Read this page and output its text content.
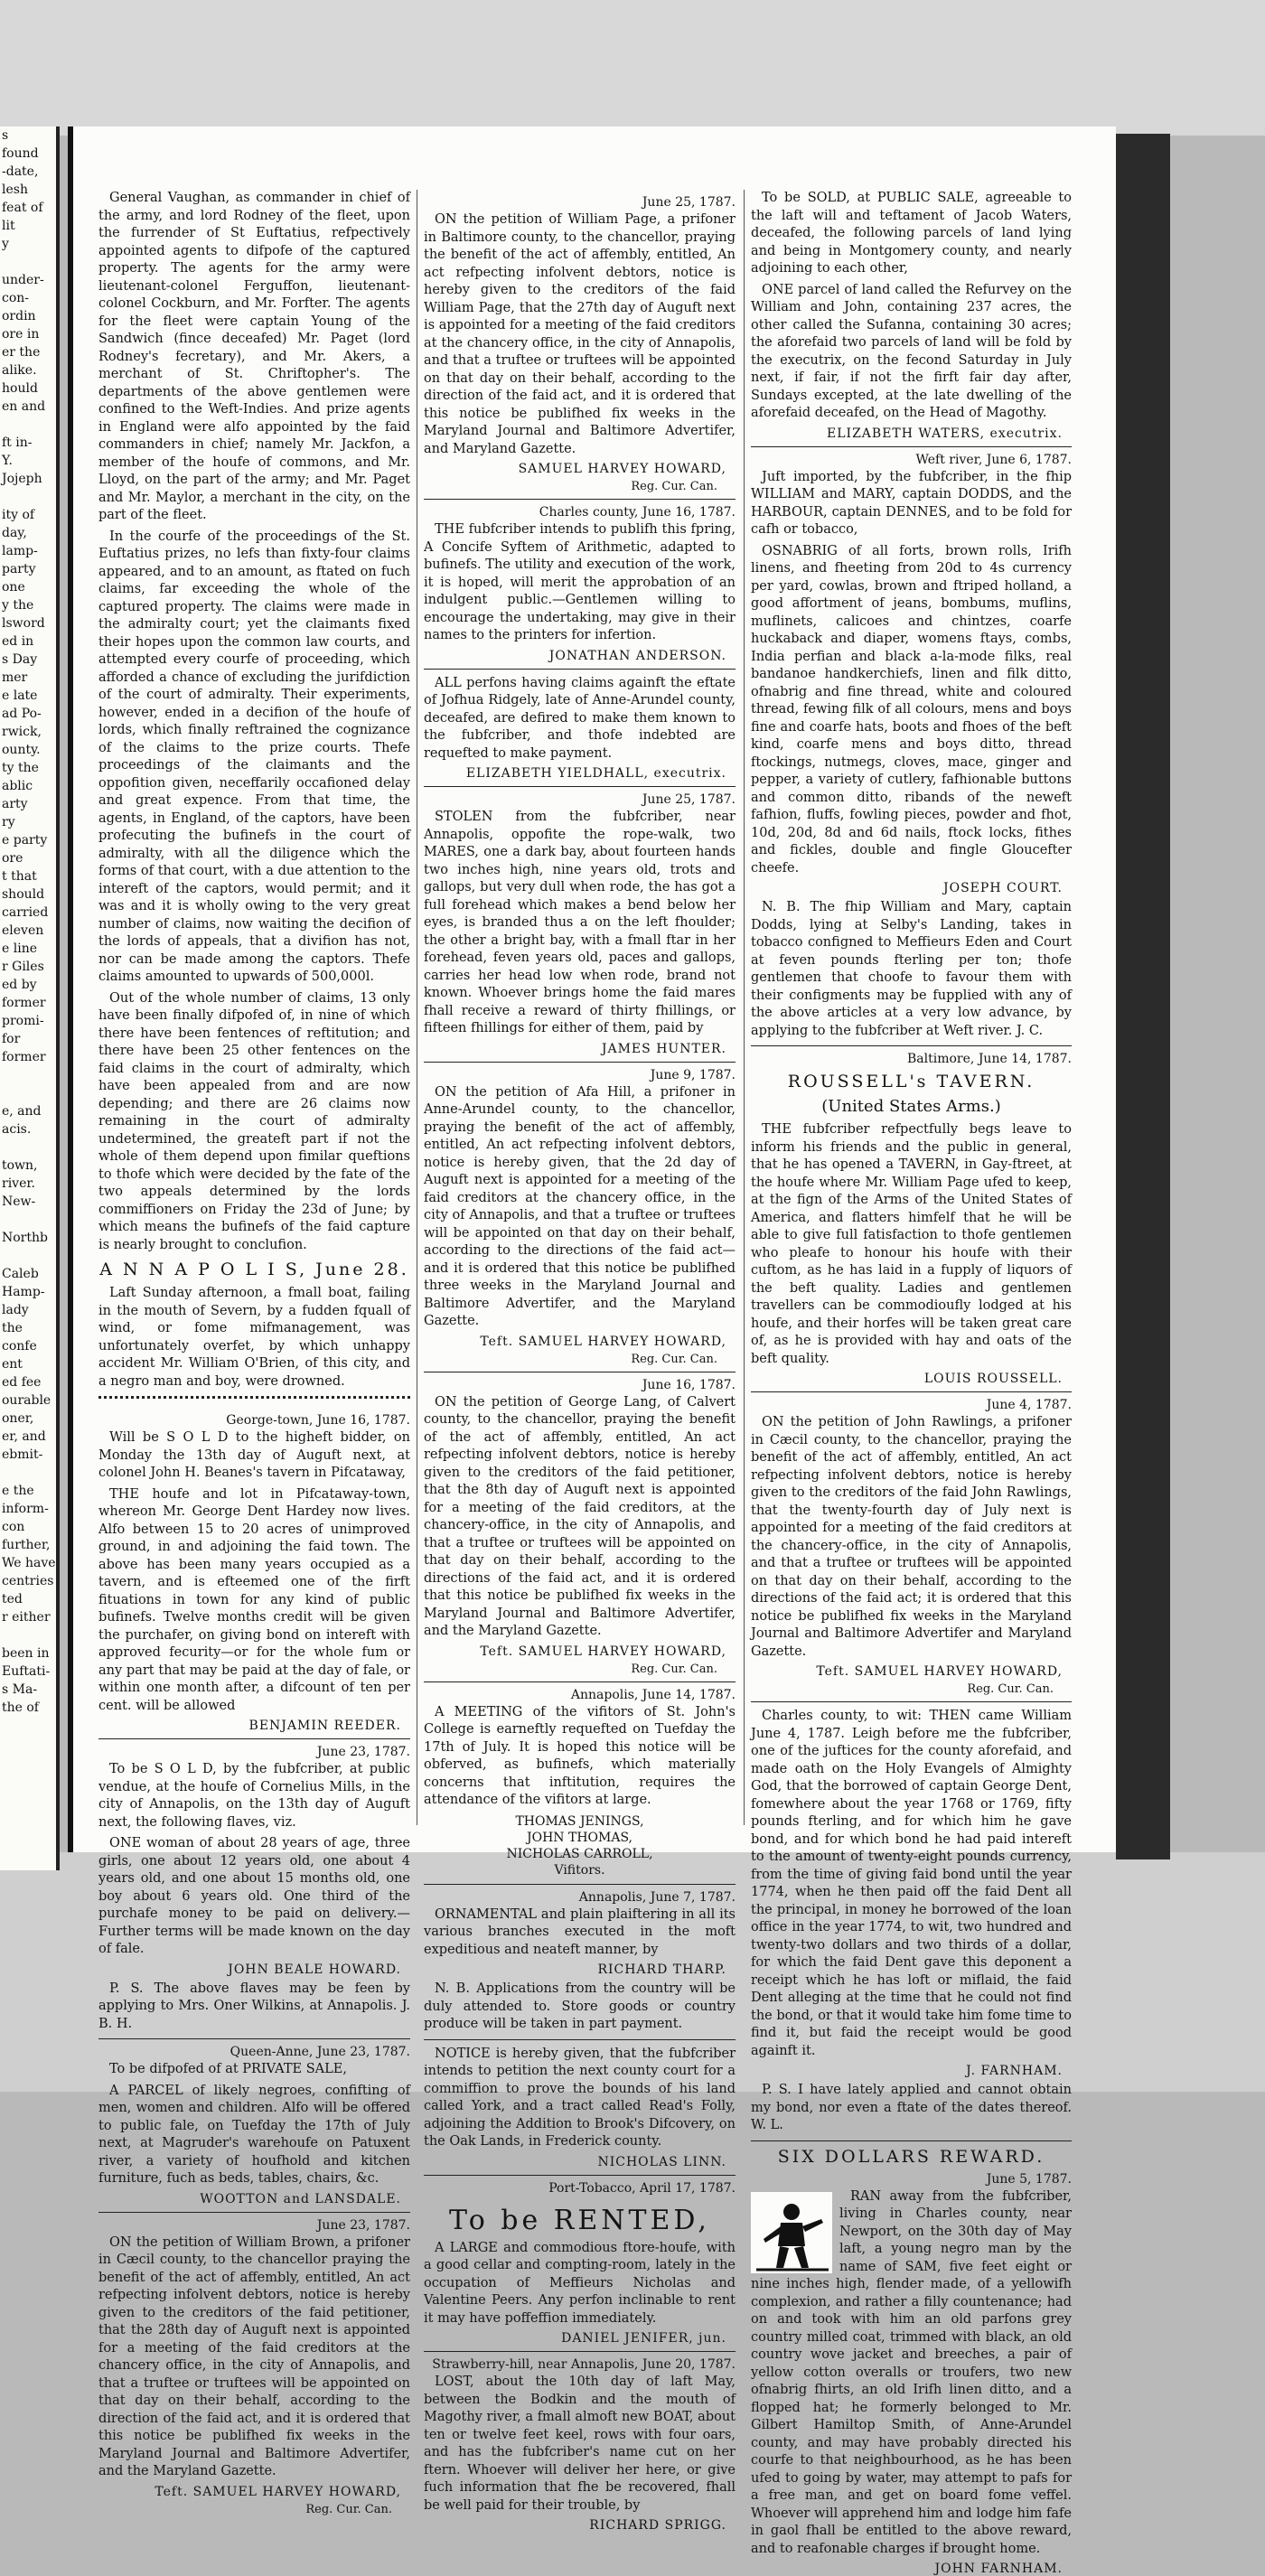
s
found
-date,
lesh
feat of
lit
y

under-
con-
ordin
ore in
er the
alike.
hould
en and

ft in-
Y.
Jojeph

ity of
day,
lamp-
party
one
y the
lsword
ed in
s Day
mer
e late
ad Po-
rwick,
ounty.
ty the
ablic
arty
ry
e party
ore
t that
should
carried
eleven
e line
r Giles
ed by
former
promi-
for
former

e, and
acis.

town,
river.
New-

Northb

Caleb
Hamp-
lady
the
confe
ent
ed fee
ourable
oner,
er, and
ebmit-

e the
inform-
con
further,
We have
centries
ted
r either

been in
Euftati-
s Ma-
the of

General Vaughan, as commander in chief of the army, and lord Rodney of the fleet, upon the furrender of St Euftatius, refpectively appointed agents to difpofe of the captured property. The agents for the army were lieutenant-colonel Ferguffon, lieutenant-colonel Cockburn, and Mr. Forfter. The agents for the fleet were captain Young of the Sandwich (fince deceafed) Mr. Paget (lord Rodney's fecretary), and Mr. Akers, a merchant of St. Chriftopher's. The departments of the above gentlemen were confined to the Weft-Indies. And prize agents in England were alfo appointed by the faid commanders in chief; namely Mr. Jackfon, a member of the houfe of commons, and Mr. Lloyd, on the part of the army; and Mr. Paget and Mr. Maylor, a merchant in the city, on the part of the fleet.

In the courfe of the proceedings of the St. Euftatius prizes, no lefs than fixty-four claims appeared, and to an amount, as ftated on fuch claims, far exceeding the whole of the captured property. The claims were made in the admiralty court; yet the claimants fixed their hopes upon the common law courts, and attempted every courfe of proceeding, which afforded a chance of excluding the jurifdiction of the court of admiralty. Their experiments, however, ended in a decifion of the houfe of lords, which finally reftrained the cognizance of the claims to the prize courts. Thefe proceedings of the claimants and the oppofition given, neceffarily occafioned delay and great expence. From that time, the agents, in England, of the captors, have been profecuting the bufinefs in the court of admiralty, with all the diligence which the forms of that court, with a due attention to the intereft of the captors, would permit; and it was and it is wholly owing to the very great number of claims, now waiting the decifion of the lords of appeals, that a divifion has not, nor can be made among the captors. Thefe claims amounted to upwards of 500,000l.

Out of the whole number of claims, 13 only have been finally difpofed of, in nine of which there have been fentences of reftitution; and there have been 25 other fentences on the faid claims in the court of admiralty, which have been appealed from and are now depending; and there are 26 claims now remaining in the court of admiralty undetermined, the greateft part if not the whole of them depend upon fimilar queftions to thofe which were decided by the fate of the two appeals determined by the lords commiffioners on Friday the 23d of June; by which means the bufinefs of the faid capture is nearly brought to conclufion.

A N N A P O L I S, June 28.

Laft Sunday afternoon, a fmall boat, failing in the mouth of Severn, by a fudden fquall of wind, or fome mifmanagement, was unfortunately overfet, by which unhappy accident Mr. William O'Brien, of this city, and a negro man and boy, were drowned.

George-town, June 16, 1787.

Will be S O L D to the higheft bidder, on Monday the 13th day of Auguft next, at colonel John H. Beanes's tavern in Pifcataway,

THE houfe and lot in Pifcataway-town, whereon Mr. George Dent Hardey now lives. Alfo between 15 to 20 acres of unimproved ground, in and adjoining the faid town. The above has been many years occupied as a tavern, and is efteemed one of the firft fituations in town for any kind of public bufinefs. Twelve months credit will be given the purchafer, on giving bond on intereft with approved fecurity—or for the whole fum or any part that may be paid at the day of fale, or within one month after, a difcount of ten per cent. will be allowed

BENJAMIN REEDER.
June 23, 1787.

To be S O L D, by the fubfcriber, at public vendue, at the houfe of Cornelius Mills, in the city of Annapolis, on the 13th day of Auguft next, the following flaves, viz.

ONE woman of about 28 years of age, three girls, one about 12 years old, one about 4 years old, and one about 15 months old, one boy about 6 years old. One third of the purchafe money to be paid on delivery.—Further terms will be made known on the day of fale.

JOHN BEALE HOWARD.

P. S. The above flaves may be feen by applying to Mrs. Oner Wilkins, at Annapolis. J. B. H.

Queen-Anne, June 23, 1787.

To be difpofed of at PRIVATE SALE,

A PARCEL of likely negroes, confifting of men, women and children. Alfo will be offered to public fale, on Tuefday the 17th of July next, at Magruder's warehoufe on Patuxent river, a variety of houfhold and kitchen furniture, fuch as beds, tables, chairs, &c.

WOOTTON and LANSDALE.
June 23, 1787.

ON the petition of William Brown, a prifoner in Cæcil county, to the chancellor praying the benefit of the act of affembly, entitled, An act refpecting infolvent debtors, notice is hereby given to the creditors of the faid petitioner, that the 28th day of Auguft next is appointed for a meeting of the faid creditors at the chancery office, in the city of Annapolis, and that a truftee or truftees will be appointed on that day on their behalf, according to the direction of the faid act, and it is ordered that this notice be publifhed fix weeks in the Maryland Journal and Baltimore Advertifer, and the Maryland Gazette.

Teft. SAMUEL HARVEY HOWARD,
Reg. Cur. Can.
June 25, 1787.

ON the petition of William Page, a prifoner in Baltimore county, to the chancellor, praying the benefit of the act of affembly, entitled, An act refpecting infolvent debtors, notice is hereby given to the creditors of the faid William Page, that the 27th day of Auguft next is appointed for a meeting of the faid creditors at the chancery office, in the city of Annapolis, and that a truftee or truftees will be appointed on that day on their behalf, according to the direction of the faid act, and it is ordered that this notice be publifhed fix weeks in the Maryland Journal and Baltimore Advertifer, and Maryland Gazette.

SAMUEL HARVEY HOWARD,
Reg. Cur. Can.
Charles county, June 16, 1787.

THE fubfcriber intends to publifh this fpring, A Concife Syftem of Arithmetic, adapted to bufinefs. The utility and execution of the work, it is hoped, will merit the approbation of an indulgent public.—Gentlemen willing to encourage the undertaking, may give in their names to the printers for infertion.

JONATHAN ANDERSON.

ALL perfons having claims againft the eftate of Jofhua Ridgely, late of Anne-Arundel county, deceafed, are defired to make them known to the fubfcriber, and thofe indebted are requefted to make payment.

ELIZABETH YIELDHALL, executrix.
June 25, 1787.

STOLEN from the fubfcriber, near Annapolis, oppofite the rope-walk, two MARES, one a dark bay, about fourteen hands two inches high, nine years old, trots and gallops, but very dull when rode, the has got a full forehead which makes a bend below her eyes, is branded thus a on the left fhoulder; the other a bright bay, with a fmall ftar in her forehead, feven years old, paces and gallops, carries her head low when rode, brand not known. Whoever brings home the faid mares fhall receive a reward of thirty fhillings, or fifteen fhillings for either of them, paid by

JAMES HUNTER.
June 9, 1787.

ON the petition of Afa Hill, a prifoner in Anne-Arundel county, to the chancellor, praying the benefit of the act of affembly, entitled, An act refpecting infolvent debtors, notice is hereby given, that the 2d day of Auguft next is appointed for a meeting of the faid creditors at the chancery office, in the city of Annapolis, and that a truftee or truftees will be appointed on that day on their behalf, according to the directions of the faid act—and it is ordered that this notice be publifhed three weeks in the Maryland Journal and Baltimore Advertifer, and the Maryland Gazette.

Teft. SAMUEL HARVEY HOWARD,
Reg. Cur. Can.
June 16, 1787.

ON the petition of George Lang, of Calvert county, to the chancellor, praying the benefit of the act of affembly, entitled, An act refpecting infolvent debtors, notice is hereby given to the creditors of the faid petitioner, that the 8th day of Auguft next is appointed for a meeting of the faid creditors, at the chancery-office, in the city of Annapolis, and that a truftee or truftees will be appointed on that day on their behalf, according to the directions of the faid act, and it is ordered that this notice be publifhed fix weeks in the Maryland Journal and Baltimore Advertifer, and the Maryland Gazette.

Teft. SAMUEL HARVEY HOWARD,
Reg. Cur. Can.
Annapolis, June 14, 1787.

A MEETING of the vifitors of St. John's College is earneftly requefted on Tuefday the 17th of July. It is hoped this notice will be obferved, as bufinefs, which materially concerns that inftitution, requires the attendance of the vifitors at large.

THOMAS JENINGS,
JOHN THOMAS,
NICHOLAS CARROLL,
Vifitors.
Annapolis, June 7, 1787.

ORNAMENTAL and plain plaiftering in all its various branches executed in the moft expeditious and neateft manner, by

RICHARD THARP.

N. B. Applications from the country will be duly attended to. Store goods or country produce will be taken in part payment.

NOTICE is hereby given, that the fubfcriber intends to petition the next county court for a commiffion to prove the bounds of his land called York, and a tract called Read's Folly, adjoining the Addition to Brook's Difcovery, on the Oak Lands, in Frederick county.

NICHOLAS LINN.
Port-Tobacco, April 17, 1787.
To be RENTED,

A LARGE and commodious ftore-houfe, with a good cellar and compting-room, lately in the occupation of Meffieurs Nicholas and Valentine Peers. Any perfon inclinable to rent it may have poffeffion immediately.

DANIEL JENIFER, jun.
Strawberry-hill, near Annapolis, June 20, 1787.

LOST, about the 10th day of laft May, between the Bodkin and the mouth of Magothy river, a fmall almoft new BOAT, about ten or twelve feet keel, rows with four oars, and has the fubfcriber's name cut on her ftern. Whoever will deliver her here, or give fuch information that fhe be recovered, fhall be well paid for their trouble, by

RICHARD SPRIGG.

To be SOLD, at PUBLIC SALE, agreeable to the laft will and teftament of Jacob Waters, deceafed, the following parcels of land lying and being in Montgomery county, and nearly adjoining to each other,

ONE parcel of land called the Refurvey on the William and John, containing 237 acres, the other called the Sufanna, containing 30 acres; the aforefaid two parcels of land will be fold by the executrix, on the fecond Saturday in July next, if fair, if not the firft fair day after, Sundays excepted, at the late dwelling of the aforefaid deceafed, on the Head of Magothy.

ELIZABETH WATERS, executrix.
Weft river, June 6, 1787.

Juft imported, by the fubfcriber, in the fhip WILLIAM and MARY, captain DODDS, and the HARBOUR, captain DENNES, and to be fold for cafh or tobacco,

OSNABRIG of all forts, brown rolls, Irifh linens, and fheeting from 20d to 4s currency per yard, cowlas, brown and ftriped holland, a good affortment of jeans, bombums, muflins, muflinets, calicoes and chintzes, coarfe huckaback and diaper, womens ftays, combs, India perfian and black a-la-mode filks, real bandanoe handkerchiefs, linen and filk ditto, ofnabrig and fine thread, white and coloured thread, fewing filk of all colours, mens and boys fine and coarfe hats, boots and fhoes of the beft kind, coarfe mens and boys ditto, thread ftockings, nutmegs, cloves, mace, ginger and pepper, a variety of cutlery, fafhionable buttons and common ditto, ribands of the neweft fafhion, fluffs, fowling pieces, powder and fhot, 10d, 20d, 8d and 6d nails, ftock locks, fithes and fickles, double and fingle Gloucefter cheefe.

JOSEPH COURT.

N. B. The fhip William and Mary, captain Dodds, lying at Selby's Landing, takes in tobacco configned to Meffieurs Eden and Court at feven pounds fterling per ton; thofe gentlemen that choofe to favour them with their configments may be fupplied with any of the above articles at a very low advance, by applying to the fubfcriber at Weft river. J. C.

Baltimore, June 14, 1787.
ROUSSELL's TAVERN.
(United States Arms.)

THE fubfcriber refpectfully begs leave to inform his friends and the public in general, that he has opened a TAVERN, in Gay-ftreet, at the houfe where Mr. William Page ufed to keep, at the fign of the Arms of the United States of America, and flatters himfelf that he will be able to give full fatisfaction to thofe gentlemen who pleafe to honour his houfe with their cuftom, as he has laid in a fupply of liquors of the beft quality. Ladies and gentlemen travellers can be commodioufly lodged at his houfe, and their horfes will be taken great care of, as he is provided with hay and oats of the beft quality.

LOUIS ROUSSELL.
June 4, 1787.

ON the petition of John Rawlings, a prifoner in Cæcil county, to the chancellor, praying the benefit of the act of affembly, entitled, An act refpecting infolvent debtors, notice is hereby given to the creditors of the faid John Rawlings, that the twenty-fourth day of July next is appointed for a meeting of the faid creditors at the chancery-office, in the city of Annapolis, and that a truftee or truftees will be appointed on that day on their behalf, according to the directions of the faid act; it is ordered that this notice be publifhed fix weeks in the Maryland Journal and Baltimore Advertifer and Maryland Gazette.

Teft. SAMUEL HARVEY HOWARD,
Reg. Cur. Can.

Charles county, to wit: THEN came William June 4, 1787. Leigh before me the fubfcriber, one of the juftices for the county aforefaid, and made oath on the Holy Evangels of Almighty God, that the borrowed of captain George Dent, fomewhere about the year 1768 or 1769, fifty pounds fterling, and for which him he gave bond, and for which bond he had paid intereft to the amount of twenty-eight pounds currency, from the time of giving faid bond until the year 1774, when he then paid off the faid Dent all the principal, in money he borrowed of the loan office in the year 1774, to wit, two hundred and twenty-two dollars and two thirds of a dollar, for which the faid Dent gave this deponent a receipt which he has loft or miflaid, the faid Dent alleging at the time that he could not find the bond, or that it would take him fome time to find it, but faid the receipt would be good againft it.

J. FARNHAM.

P. S. I have lately applied and cannot obtain my bond, nor even a ftate of the dates thereof. W. L.

SIX DOLLARS REWARD.
June 5, 1787.

RAN away from the fubfcriber, living in Charles county, near Newport, on the 30th day of May laft, a young negro man by the name of SAM, five feet eight or nine inches high, flender made, of a yellowifh complexion, and rather a filly countenance; had on and took with him an old parfons grey country milled coat, trimmed with black, an old country wove jacket and breeches, a pair of yellow cotton overalls or troufers, two new ofnabrig fhirts, an old Irifh linen ditto, and a flopped hat; he formerly belonged to Mr. Gilbert Hamiltop Smith, of Anne-Arundel county, and may have probably directed his courfe to that neighbourhood, as he has been ufed to going by water, may attempt to pafs for a free man, and get on board fome veffel. Whoever will apprehend him and lodge him fafe in gaol fhall be entitled to the above reward, and to reafonable charges if brought home.

JOHN FARNHAM.
